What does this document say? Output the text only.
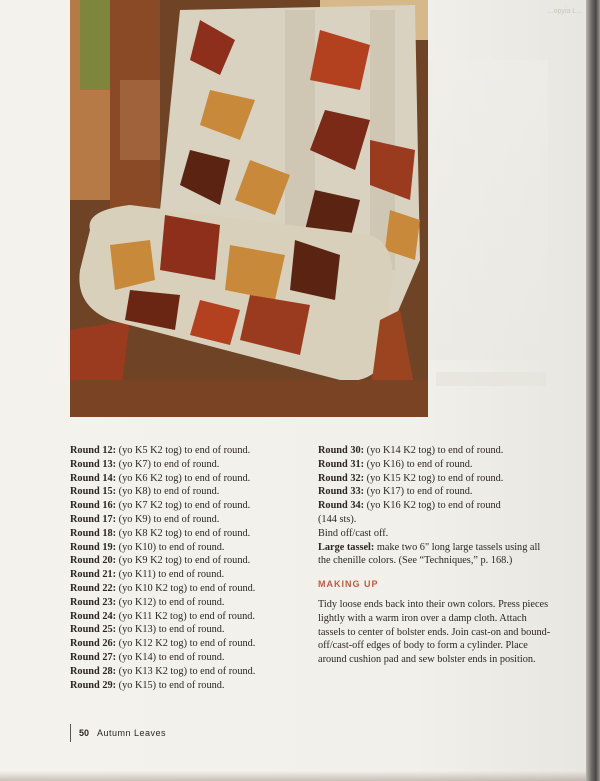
...opyia L...
Round 12: (yo K5 K2 tog) to end of round.
Round 13: (yo K7) to end of round.
Round 14: (yo K6 K2 tog) to end of round.
Round 15: (yo K8) to end of round.
Round 16: (yo K7 K2 tog) to end of round.
Round 17: (yo K9) to end of round.
Round 18: (yo K8 K2 tog) to end of round.
Round 19: (yo K10) to end of round.
Round 20: (yo K9 K2 tog) to end of round.
Round 21: (yo K11) to end of round.
Round 22: (yo K10 K2 tog) to end of round.
Round 23: (yo K12) to end of round.
Round 24: (yo K11 K2 tog) to end of round.
Round 25: (yo K13) to end of round.
Round 26: (yo K12 K2 tog) to end of round.
Round 27: (yo K14) to end of round.
Round 28: (yo K13 K2 tog) to end of round.
Round 29: (yo K15) to end of round.
Round 30: (yo K14 K2 tog) to end of round.
Round 31: (yo K16) to end of round.
Round 32: (yo K15 K2 tog) to end of round.
Round 33: (yo K17) to end of round.
Round 34: (yo K16 K2 tog) to end of round
(144 sts).
Bind off/cast off.
Large tassel: make two 6" long large tassels using all the chenille colors. (See “Techniques,” p. 168.)
MAKING UP
Tidy loose ends back into their own colors. Press pieces lightly with a warm iron over a damp cloth. Attach tassels to center of bolster ends. Join cast-on and bound-off/cast-off edges of body to form a cylinder. Place around cushion pad and sew bolster ends in position.
50 Autumn Leaves
